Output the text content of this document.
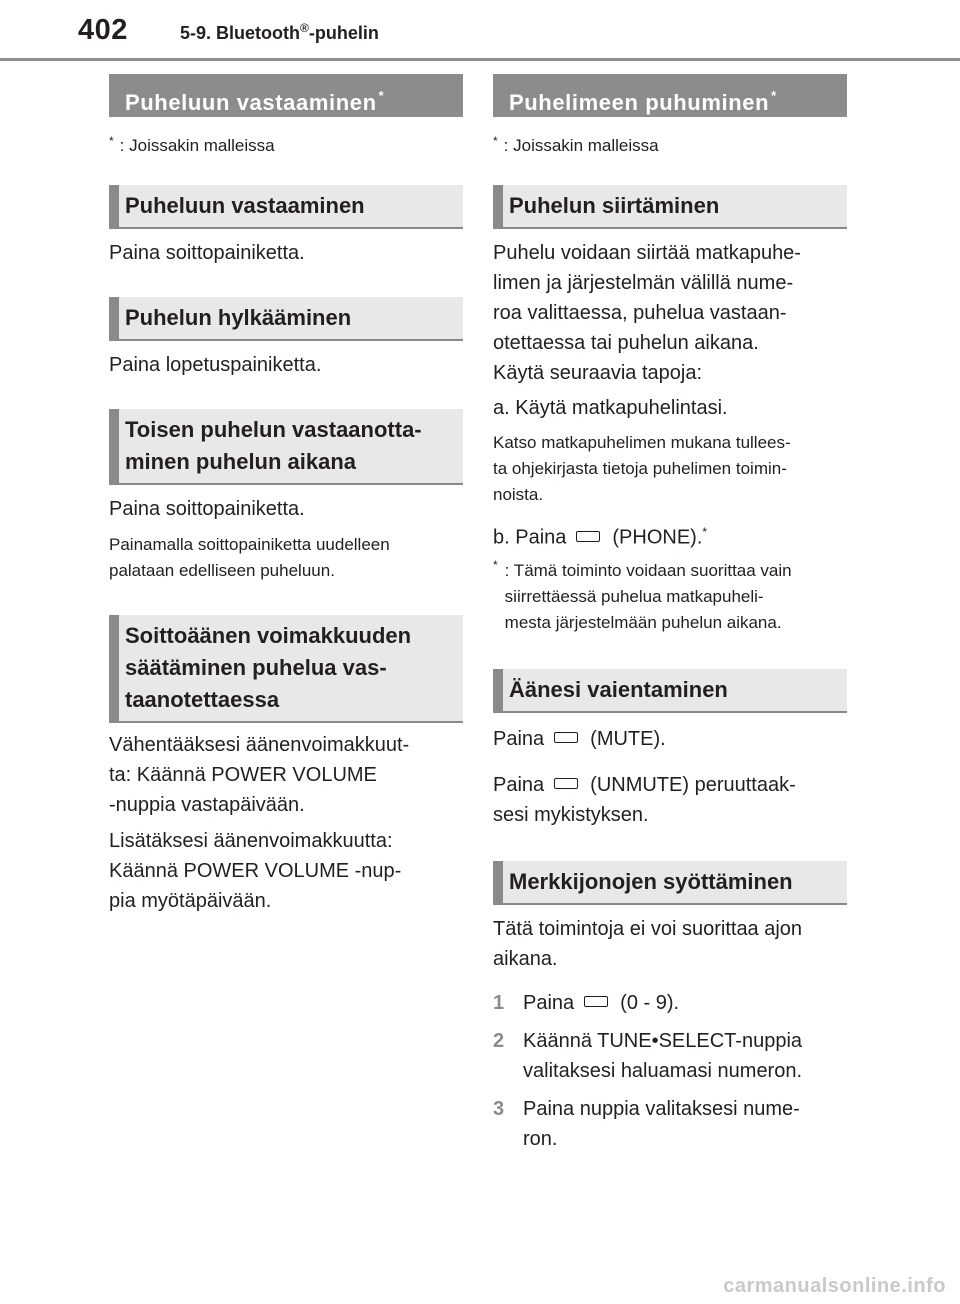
402	5-9. Bluetooth®-puhelin
Puheluun vastaaminen *

* : Joissakin malleissa

Puheluun vastaaminen

Paina soittopainiketta.

Puhelun hylkääminen

Paina lopetuspainiketta.

Toisen puhelun vastaanotta-
minen puhelun aikana

Paina soittopainiketta.

Painamalla soittopainiketta uudelleen
palataan edelliseen puheluun.

Soittoäänen voimakkuuden
säätäminen puhelua vas-
taanotettaessa

Vähentääksesi äänenvoimakkuut-
ta: Käännä POWER VOLUME
-nuppia vastapäivään.

Lisätäksesi äänenvoimakkuutta:
Käännä POWER VOLUME -nup-
pia myötäpäivään.

Puhelimeen puhuminen *

* : Joissakin malleissa

Puhelun siirtäminen

Puhelu voidaan siirtää matkapuhe-
limen ja järjestelmän välillä nume-
roa valittaessa, puhelua vastaan-
otettaessa tai puhelun aikana.
Käytä seuraavia tapoja:

a. Käytä matkapuhelintasi.

Katso matkapuhelimen mukana tullees-
ta ohjekirjasta tietoja puhelimen toimin-
noista.

b. Paina (PHONE).*

* : Tämä toiminto voidaan suorittaa vain
siirrettäessä puhelua matkapuheli-
mesta järjestelmään puhelun aikana.
Äänesi vaientaminen

Paina (MUTE).

Paina (UNMUTE) peruuttaak-
sesi mykistyksen.

Merkkijonojen syöttäminen

Tätä toimintoja ei voi suorittaa ajon
aikana.

1 Paina (0 - 9).
2 Käännä TUNE•SELECT-nuppia
valitaksesi haluamasi numeron.
3 Paina nuppia valitaksesi nume-
ron.
carmanualsonline.info
